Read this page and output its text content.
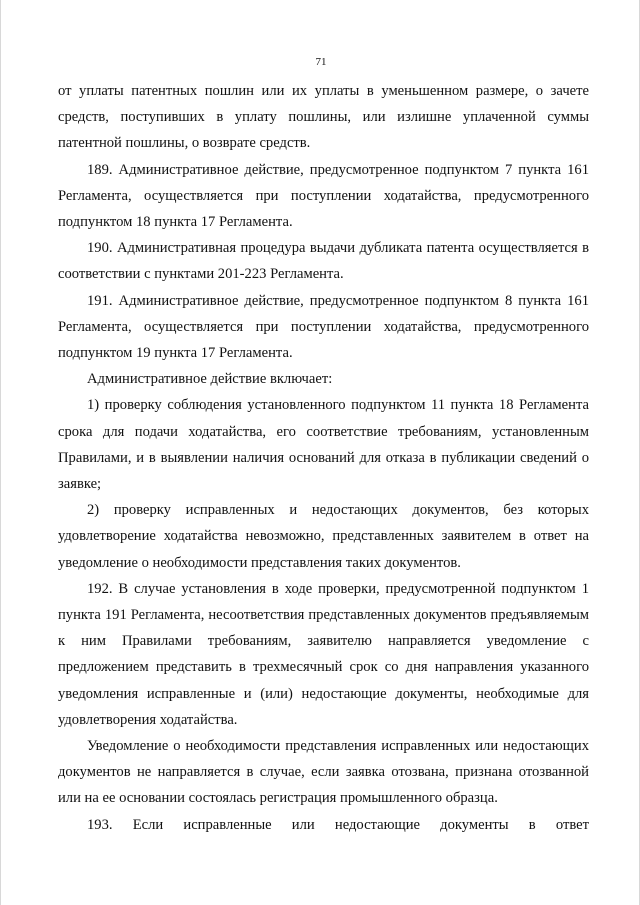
71

от уплаты патентных пошлин или их уплаты в уменьшенном размере, о зачете средств, поступивших в уплату пошлины, или излишне уплаченной суммы патентной пошлины, о возврате средств.

189. Административное действие, предусмотренное подпунктом 7 пункта 161 Регламента, осуществляется при поступлении ходатайства, предусмотренного подпунктом 18 пункта 17 Регламента.

190. Административная процедура выдачи дубликата патента осуществляется в соответствии с пунктами 201-223 Регламента.

191. Административное действие, предусмотренное подпунктом 8 пункта 161 Регламента, осуществляется при поступлении ходатайства, предусмотренного подпунктом 19 пункта 17 Регламента.

Административное действие включает:

1) проверку соблюдения установленного подпунктом 11 пункта 18 Регламента срока для подачи ходатайства, его соответствие требованиям, установленным Правилами, и в выявлении наличия оснований для отказа в публикации сведений о заявке;

2) проверку исправленных и недостающих документов, без которых удовлетворение ходатайства невозможно, представленных заявителем в ответ на уведомление о необходимости представления таких документов.

192. В случае установления в ходе проверки, предусмотренной подпунктом 1 пункта 191 Регламента, несоответствия представленных документов предъявляемым к ним Правилами требованиям, заявителю направляется уведомление с предложением представить в трехмесячный срок со дня направления указанного уведомления исправленные и (или) недостающие документы, необходимые для удовлетворения ходатайства.

Уведомление о необходимости представления исправленных или недостающих документов не направляется в случае, если заявка отозвана, признана отозванной или на ее основании состоялась регистрация промышленного образца.

193. Если исправленные или недостающие документы в ответ
